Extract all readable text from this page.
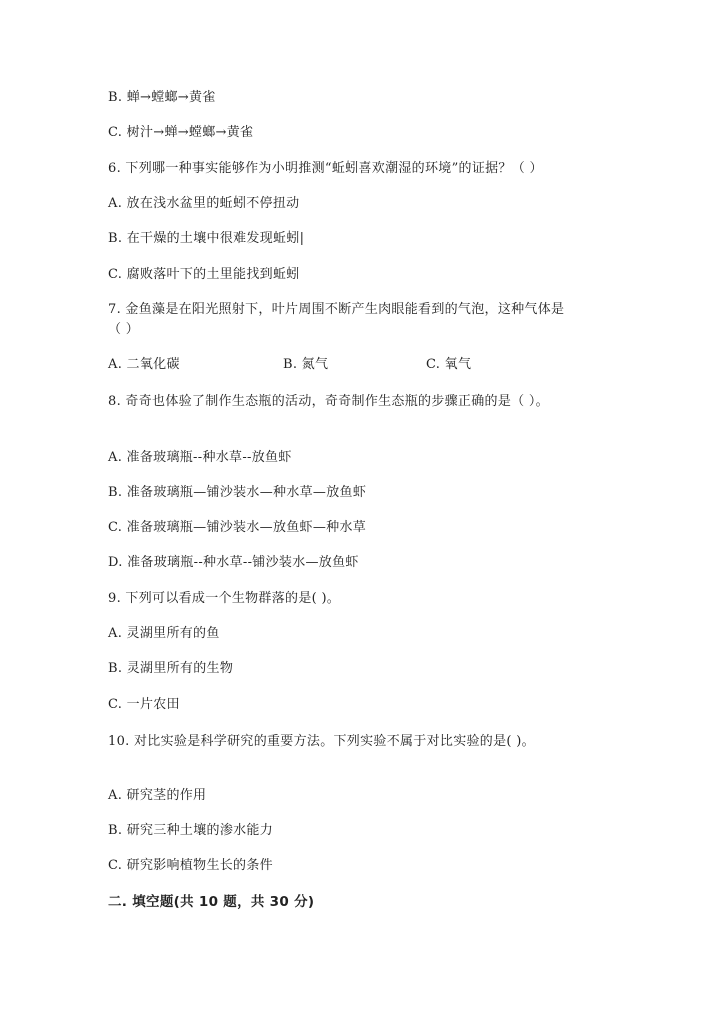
B. 蝉→螳螂→黄雀
C. 树汁→蝉→螳螂→黄雀
6. 下列哪一种事实能够作为小明推测“蚯蚓喜欢潮湿的环境”的证据？（ ）
A. 放在浅水盆里的蚯蚓不停扭动
B. 在干燥的土壤中很难发现蚯蚓|
C. 腐败落叶下的土里能找到蚯蚓
7. 金鱼藻是在阳光照射下，叶片周围不断产生肉眼能看到的气泡，这种气体是
（ ）
A. 二氧化碳	B. 氮气	C. 氧气
8. 奇奇也体验了制作生态瓶的活动，奇奇制作生态瓶的步骤正确的是（ ）。
A. 准备玻璃瓶--种水草--放鱼虾
B. 准备玻璃瓶—铺沙装水—种水草—放鱼虾
C. 准备玻璃瓶—铺沙装水—放鱼虾—种水草
D. 准备玻璃瓶--种水草--铺沙装水—放鱼虾
9. 下列可以看成一个生物群落的是( )。
A. 灵湖里所有的鱼
B. 灵湖里所有的生物
C. 一片农田
10. 对比实验是科学研究的重要方法。下列实验不属于对比实验的是( )。
A. 研究茎的作用
B. 研究三种土壤的渗水能力
C. 研究影响植物生长的条件
二. 填空题(共 10 题，共 30 分)
